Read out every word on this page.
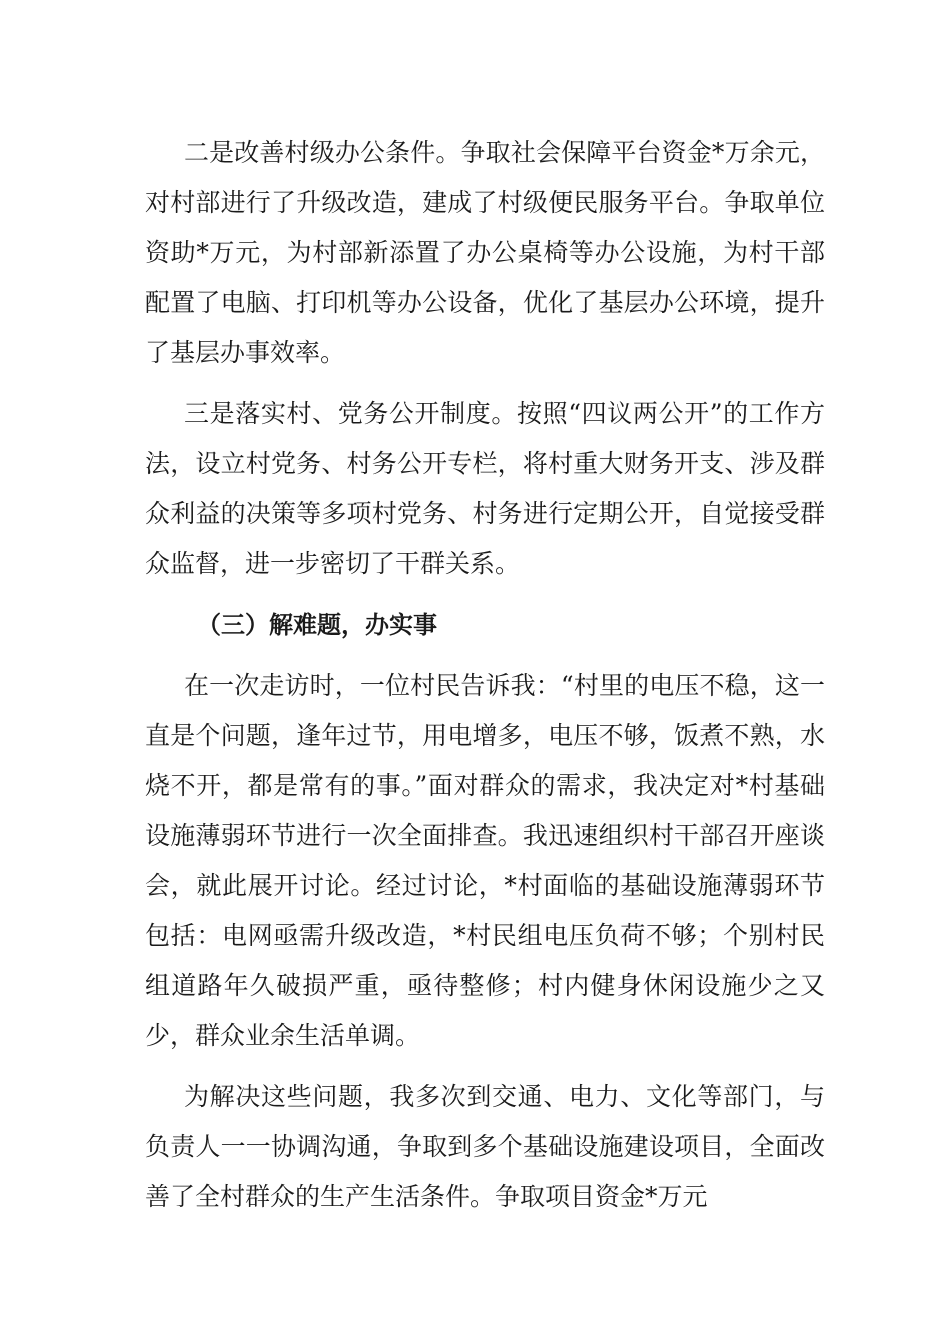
二是改善村级办公条件。争取社会保障平台资金*万余元，对村部进行了升级改造，建成了村级便民服务平台。争取单位资助*万元，为村部新添置了办公桌椅等办公设施，为村干部配置了电脑、打印机等办公设备，优化了基层办公环境，提升了基层办事效率。

三是落实村、党务公开制度。按照“四议两公开”的工作方法，设立村党务、村务公开专栏，将村重大财务开支、涉及群众利益的决策等多项村党务、村务进行定期公开，自觉接受群众监督，进一步密切了干群关系。

（三）解难题，办实事

在一次走访时，一位村民告诉我：“村里的电压不稳，这一直是个问题，逢年过节，用电增多，电压不够，饭煮不熟，水烧不开，都是常有的事。”面对群众的需求，我决定对*村基础设施薄弱环节进行一次全面排查。我迅速组织村干部召开座谈会，就此展开讨论。经过讨论，*村面临的基础设施薄弱环节包括：电网亟需升级改造，*村民组电压负荷不够；个别村民组道路年久破损严重，亟待整修；村内健身休闲设施少之又少，群众业余生活单调。

为解决这些问题，我多次到交通、电力、文化等部门，与负责人一一协调沟通，争取到多个基础设施建设项目，全面改善了全村群众的生产生活条件。争取项目资金*万元
